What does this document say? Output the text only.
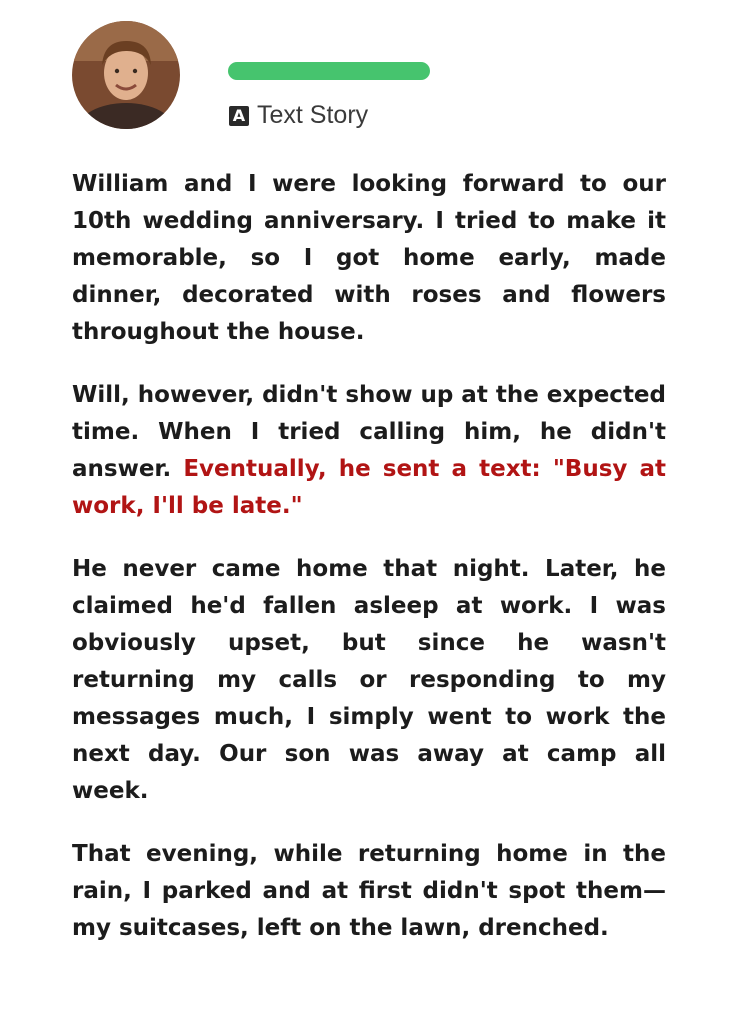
A Text Story

William and I were looking forward to our 10th wedding anniversary. I tried to make it memorable, so I got home early, made dinner, decorated with roses and flowers throughout the house.

Will, however, didn't show up at the expected time. When I tried calling him, he didn't answer. Eventually, he sent a text: "Busy at work, I'll be late."

He never came home that night. Later, he claimed he'd fallen asleep at work. I was obviously upset, but since he wasn't returning my calls or responding to my messages much, I simply went to work the next day. Our son was away at camp all week.

That evening, while returning home in the rain, I parked and at first didn't spot them—my suitcases, left on the lawn, drenched.
